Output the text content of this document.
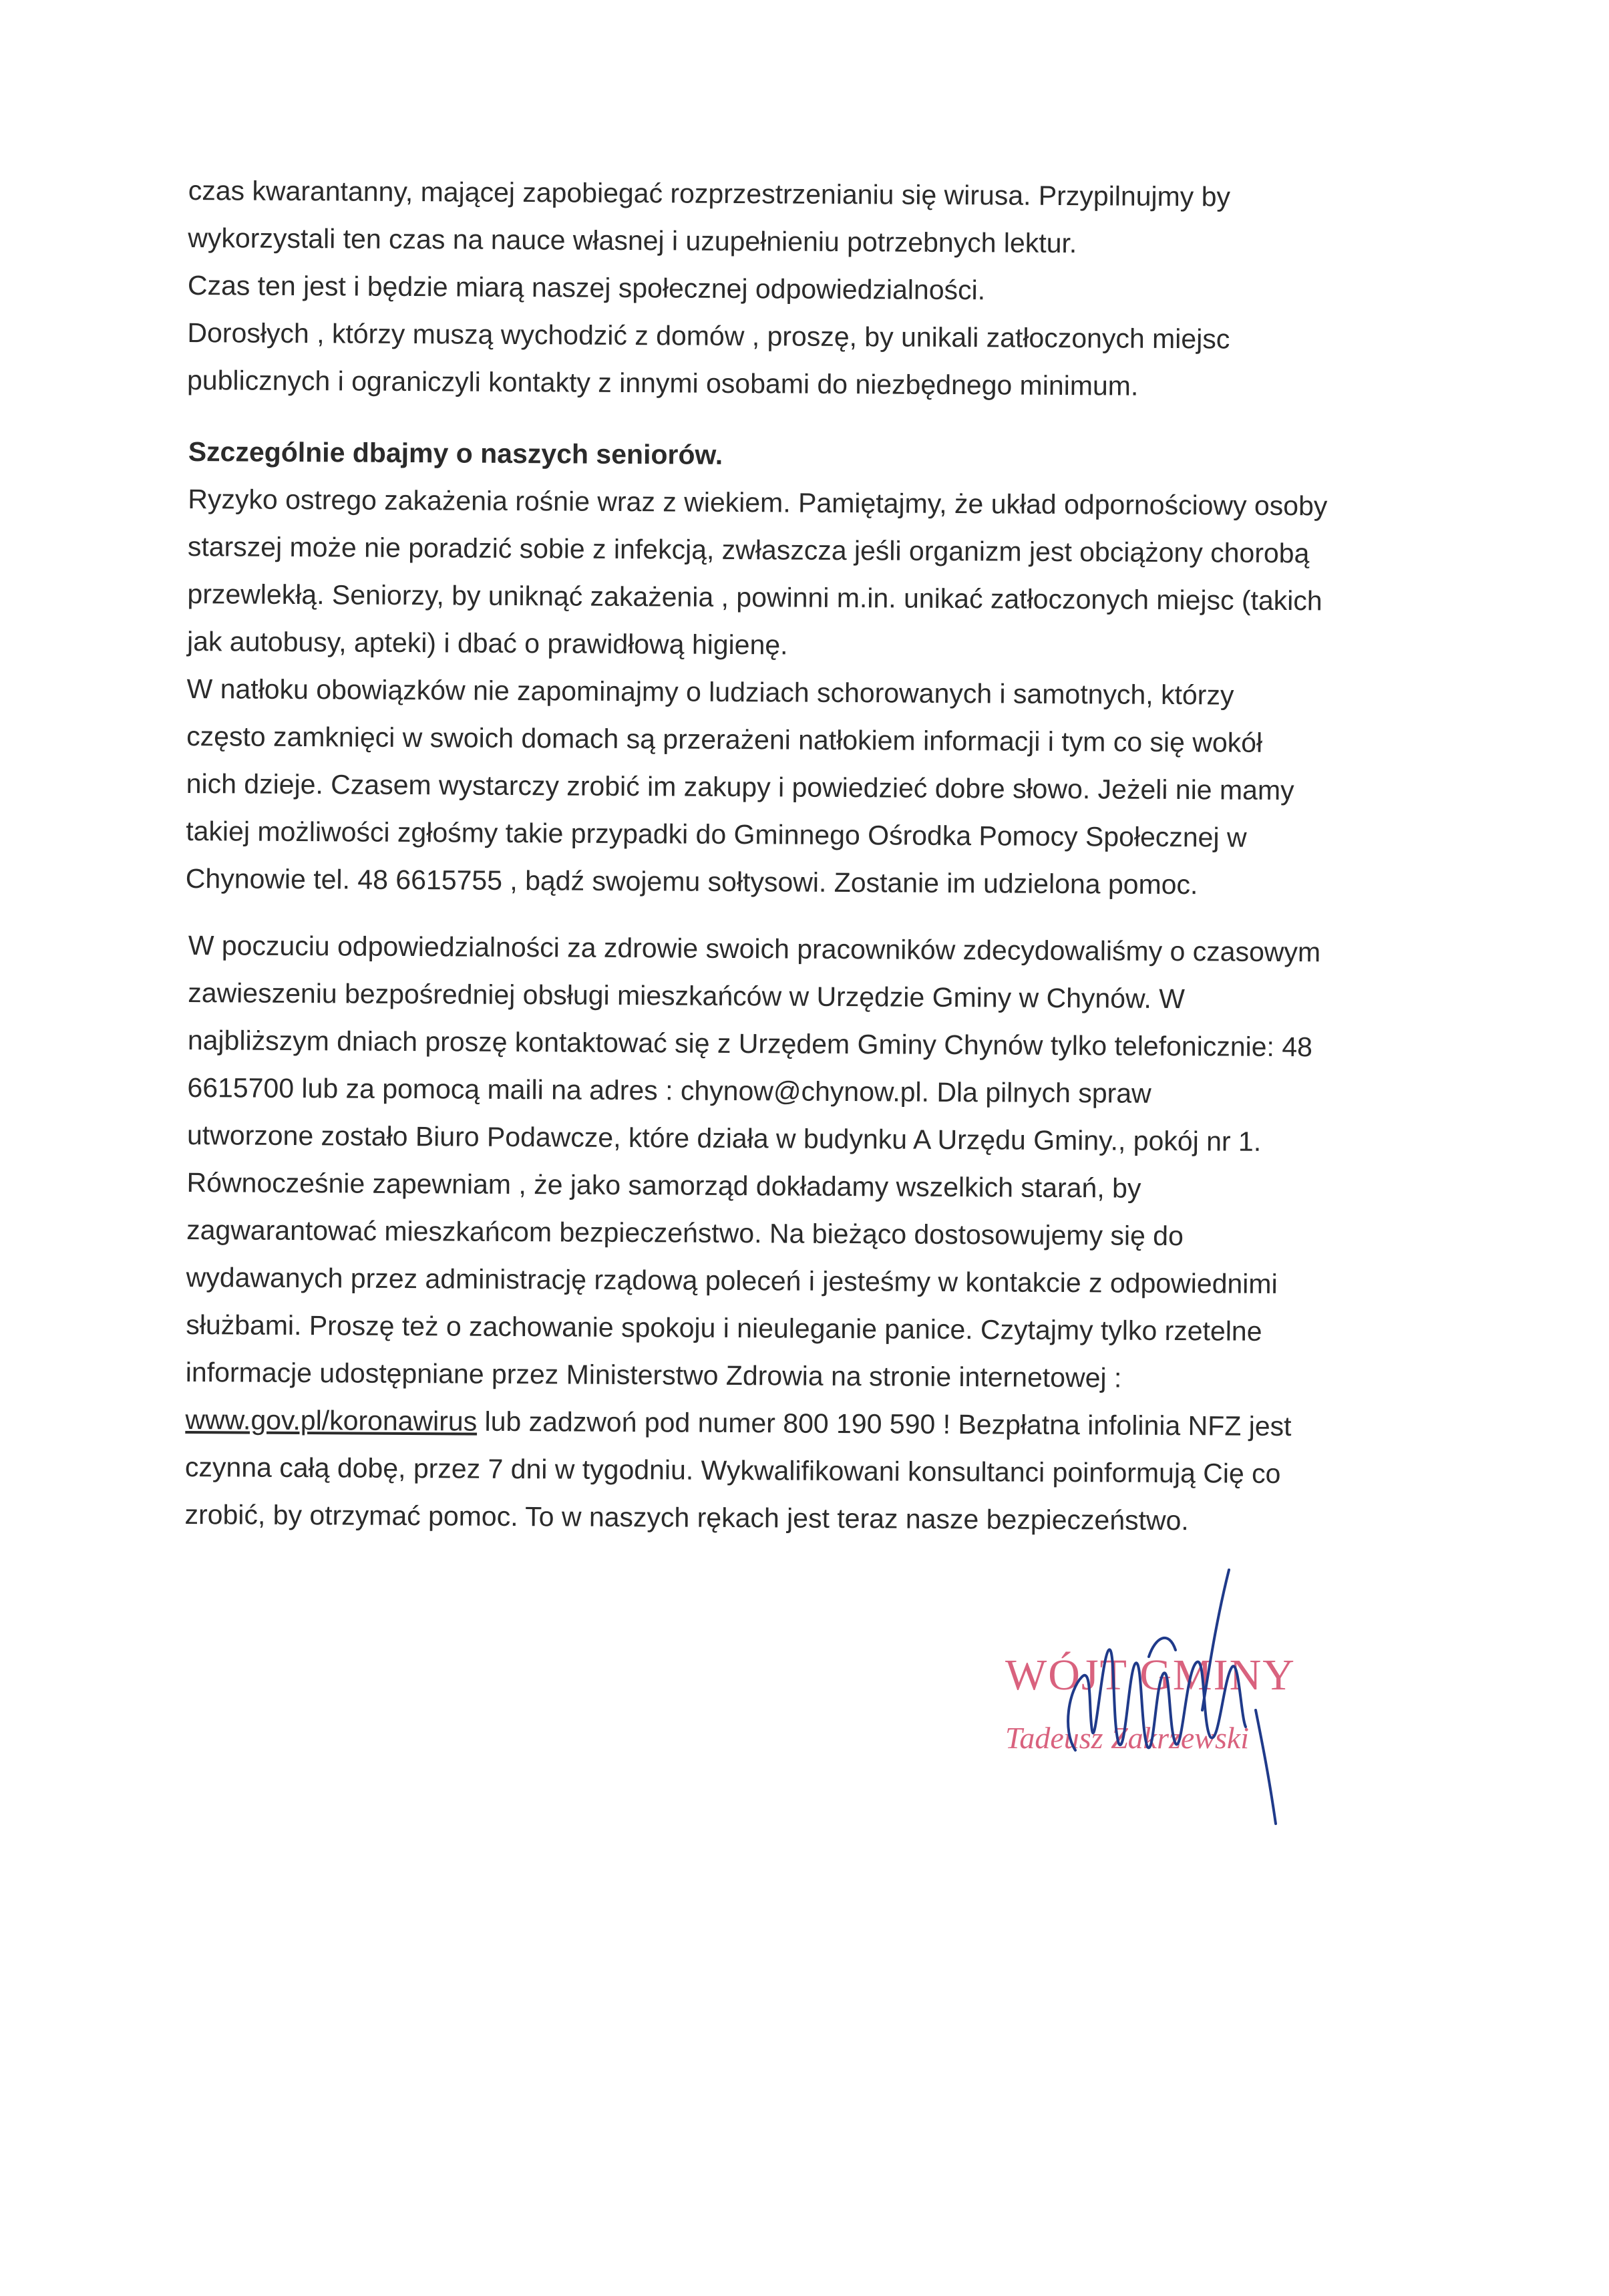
czas kwarantanny, mającej zapobiegać rozprzestrzenianiu się wirusa. Przypilnujmy by
wykorzystali ten czas na nauce własnej i uzupełnieniu potrzebnych lektur.
Czas ten jest i będzie miarą naszej społecznej odpowiedzialności.
Dorosłych , którzy muszą wychodzić z domów , proszę, by unikali zatłoczonych miejsc
publicznych i ograniczyli kontakty z innymi osobami do niezbędnego minimum.
Szczególnie dbajmy o naszych seniorów.
Ryzyko ostrego zakażenia rośnie wraz z wiekiem. Pamiętajmy, że układ odpornościowy osoby
starszej może nie poradzić sobie z infekcją, zwłaszcza jeśli organizm jest obciążony chorobą
przewlekłą. Seniorzy, by uniknąć zakażenia , powinni m.in. unikać zatłoczonych miejsc (takich
jak autobusy, apteki) i dbać o prawidłową higienę.
W natłoku obowiązków nie zapominajmy o ludziach schorowanych i samotnych, którzy
często zamknięci w swoich domach są przerażeni natłokiem informacji i tym co się wokół
nich dzieje. Czasem wystarczy zrobić im zakupy i powiedzieć dobre słowo. Jeżeli nie mamy
takiej możliwości zgłośmy takie przypadki do Gminnego Ośrodka Pomocy Społecznej w
Chynowie tel. 48 6615755 , bądź swojemu sołtysowi. Zostanie im udzielona pomoc.
W poczuciu odpowiedzialności za zdrowie swoich pracowników zdecydowaliśmy o czasowym
zawieszeniu bezpośredniej obsługi mieszkańców w Urzędzie Gminy w Chynów. W
najbliższym dniach proszę kontaktować się z Urzędem Gminy Chynów tylko telefonicznie: 48
6615700 lub za pomocą maili na adres : chynow@chynow.pl. Dla pilnych spraw
utworzone zostało Biuro Podawcze, które działa w budynku A Urzędu Gminy., pokój nr 1.
Równocześnie zapewniam , że jako samorząd dokładamy wszelkich starań, by
zagwarantować mieszkańcom bezpieczeństwo. Na bieżąco dostosowujemy się do
wydawanych przez administrację rządową poleceń i jesteśmy w kontakcie z odpowiednimi
służbami. Proszę też o zachowanie spokoju i nieuleganie panice. Czytajmy tylko rzetelne
informacje udostępniane przez Ministerstwo Zdrowia na stronie internetowej :
www.gov.pl/koronawirus lub zadzwoń pod numer 800 190 590 ! Bezpłatna infolinia NFZ jest
czynna całą dobę, przez 7 dni w tygodniu. Wykwalifikowani konsultanci poinformują Cię co
zrobić, by otrzymać pomoc. To w naszych rękach jest teraz nasze bezpieczeństwo.
WÓJT GMINY
Tadeusz Zakrzewski
